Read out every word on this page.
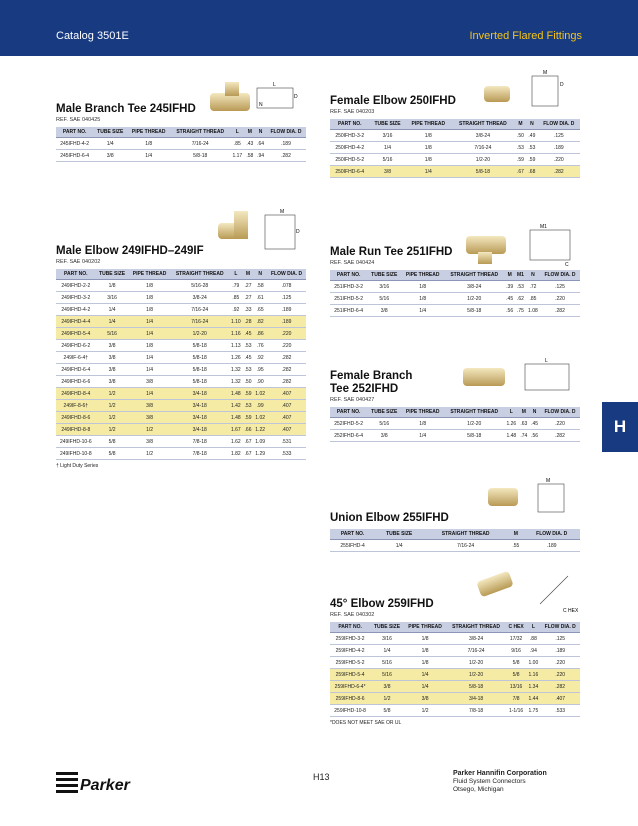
Catalog 3501E	Inverted Flared Fittings
H
L
N
D
M
D
M
D
M1
C
L
M
C HEX
Male Branch Tee 245IFHD
REF. SAE 040425
PART NO.	TUBE SIZE	PIPE THREAD	STRAIGHT THREAD	L	M	N	FLOW DIA. D
245IFHD-4-2	1/4	1/8	7/16-24	.85	.43	.64	.189
245IFHD-6-4	3/8	1/4	5/8-18	1.17	.58	.94	.282
Male Elbow 249IFHD–249IF
REF. SAE 040202
PART NO.	TUBE SIZE	PIPE THREAD	STRAIGHT THREAD	L	M	N	FLOW DIA. D
249IFHD-2-2	1/8	1/8	5/16-28	.79	.27	.58	.078
249IFHD-3-2	3/16	1/8	3/8-24	.85	.27	.61	.125
249IFHD-4-2	1/4	1/8	7/16-24	.92	.33	.65	.189
249IFHD-4-4	1/4	1/4	7/16-24	1.10	.28	.82	.189
249IFHD-5-4	5/16	1/4	1/2-20	1.16	.45	.86	.220
249IFHD-6-2	3/8	1/8	5/8-18	1.13	.53	.76	.220
249IF-6-4†	3/8	1/4	5/8-18	1.26	.45	.92	.282
249IFHD-6-4	3/8	1/4	5/8-18	1.32	.53	.95	.282
249IFHD-6-6	3/8	3/8	5/8-18	1.32	.50	.90	.282
249IFHD-8-4	1/2	1/4	3/4-18	1.48	.59	1.02	.407
249IF-8-6†	1/2	3/8	3/4-18	1.42	.53	.99	.407
249IFHD-8-6	1/2	3/8	3/4-18	1.48	.59	1.02	.407
249IFHD-8-8	1/2	1/2	3/4-18	1.67	.66	1.22	.407
249IFHD-10-6	5/8	3/8	7/8-18	1.62	.67	1.09	.531
249IFHD-10-8	5/8	1/2	7/8-18	1.82	.67	1.29	.533
† Light Duty Series
Female Elbow 250IFHD
REF. SAE 040203
PART NO.	TUBE SIZE	PIPE THREAD	STRAIGHT THREAD	M	N	FLOW DIA. D
250IFHD-3-2	3/16	1/8	3/8-24	.50	.49	.125
250IFHD-4-2	1/4	1/8	7/16-24	.53	.53	.189
250IFHD-5-2	5/16	1/8	1/2-20	.59	.59	.220
250IFHD-6-4	3/8	1/4	5/8-18	.67	.68	.282
Male Run Tee 251IFHD
REF. SAE 040424
PART NO.	TUBE SIZE	PIPE THREAD	STRAIGHT THREAD	M	M1	N	FLOW DIA. D
251IFHD-3-2	3/16	1/8	3/8-24	.39	.53	.72	.125
251IFHD-5-2	5/16	1/8	1/2-20	.45	.62	.85	.220
251IFHD-6-4	3/8	1/4	5/8-18	.56	.75	1.08	.282
Female Branch
Tee 252IFHD
REF. SAE 040427
PART NO.	TUBE SIZE	PIPE THREAD	STRAIGHT THREAD	L	M	N	FLOW DIA. D
252IFHD-5-2	5/16	1/8	1/2-20	1.26	.63	.45	.220
252IFHD-6-4	3/8	1/4	5/8-18	1.48	.74	.56	.282
Union Elbow 255IFHD
PART NO.	TUBE SIZE	STRAIGHT THREAD	M	FLOW DIA. D
255IFHD-4	1/4	7/16-24	.55	.189
45° Elbow 259IFHD
REF. SAE 040302
PART NO.	TUBE SIZE	PIPE THREAD	STRAIGHT THREAD	C HEX	L	FLOW DIA. D
259IFHD-3-2	3/16	1/8	3/8-24	17/32	.88	.125
259IFHD-4-2	1/4	1/8	7/16-24	9/16	.94	.189
259IFHD-5-2	5/16	1/8	1/2-20	5/8	1.00	.220
259IFHD-5-4	5/16	1/4	1/2-20	5/8	1.16	.220
259IFHD-6-4*	3/8	1/4	5/8-18	13/16	1.34	.282
259IFHD-8-6	1/2	3/8	3/4-18	7/8	1.44	.407
259IFHD-10-8	5/8	1/2	7/8-18	1-1/16	1.75	.533
*DOES NOT MEET SAE OR UL
Parker	H13	Parker Hannifin Corporation
Fluid System Connectors
Otsego, Michigan
